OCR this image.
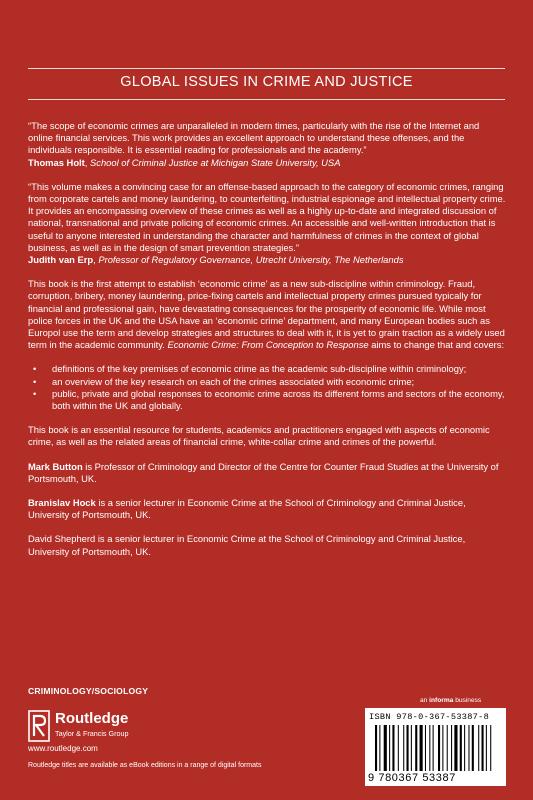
GLOBAL ISSUES IN CRIME AND JUSTICE
“The scope of economic crimes are unparalleled in modern times, particularly with the rise of the Internet and online financial services. This work provides an excellent approach to understand these offenses, and the individuals responsible. It is essential reading for professionals and the academy.”
Thomas Holt, School of Criminal Justice at Michigan State University, USA
“This volume makes a convincing case for an offense-based approach to the category of economic crimes, ranging from corporate cartels and money laundering, to counterfeiting, industrial espionage and intellectual property crime. It provides an encompassing overview of these crimes as well as a highly up-to-date and integrated discussion of national, transnational and private policing of economic crimes. An accessible and well-written introduction that is useful to anyone interested in understanding the character and harmfulness of crimes in the context of global business, as well as in the design of smart prevention strategies.”
Judith van Erp, Professor of Regulatory Governance, Utrecht University, The Netherlands

This book is the first attempt to establish ‘economic crime’ as a new sub-discipline within criminology. Fraud, corruption, bribery, money laundering, price-fixing cartels and intellectual property crimes pursued typically for financial and professional gain, have devastating consequences for the prosperity of economic life. While most police forces in the UK and the USA have an ‘economic crime’ department, and many European bodies such as Europol use the term and develop strategies and structures to deal with it, it is yet to grain traction as a widely used term in the academic community. Economic Crime: From Conception to Response aims to change that and covers:

• definitions of the key premises of economic crime as the academic sub-discipline within criminology;
• an overview of the key research on each of the crimes associated with economic crime;
• public, private and global responses to economic crime across its different forms and sectors of the economy, both within the UK and globally.

This book is an essential resource for students, academics and practitioners engaged with aspects of economic crime, as well as the related areas of financial crime, white-collar crime and crimes of the powerful.

Mark Button is Professor of Criminology and Director of the Centre for Counter Fraud Studies at the University of Portsmouth, UK.
Branislav Hock is a senior lecturer in Economic Crime at the School of Criminology and Criminal Justice, University of Portsmouth, UK.
David Shepherd is a senior lecturer in Economic Crime at the School of Criminology and Criminal Justice, University of Portsmouth, UK.
CRIMINOLOGY/SOCIOLOGY
Routledge
Taylor & Francis Group
www.routledge.com
Routledge titles are available as eBook editions in a range of digital formats
an informa business
ISBN 978-0-367-53387-8
9 780367 53387
